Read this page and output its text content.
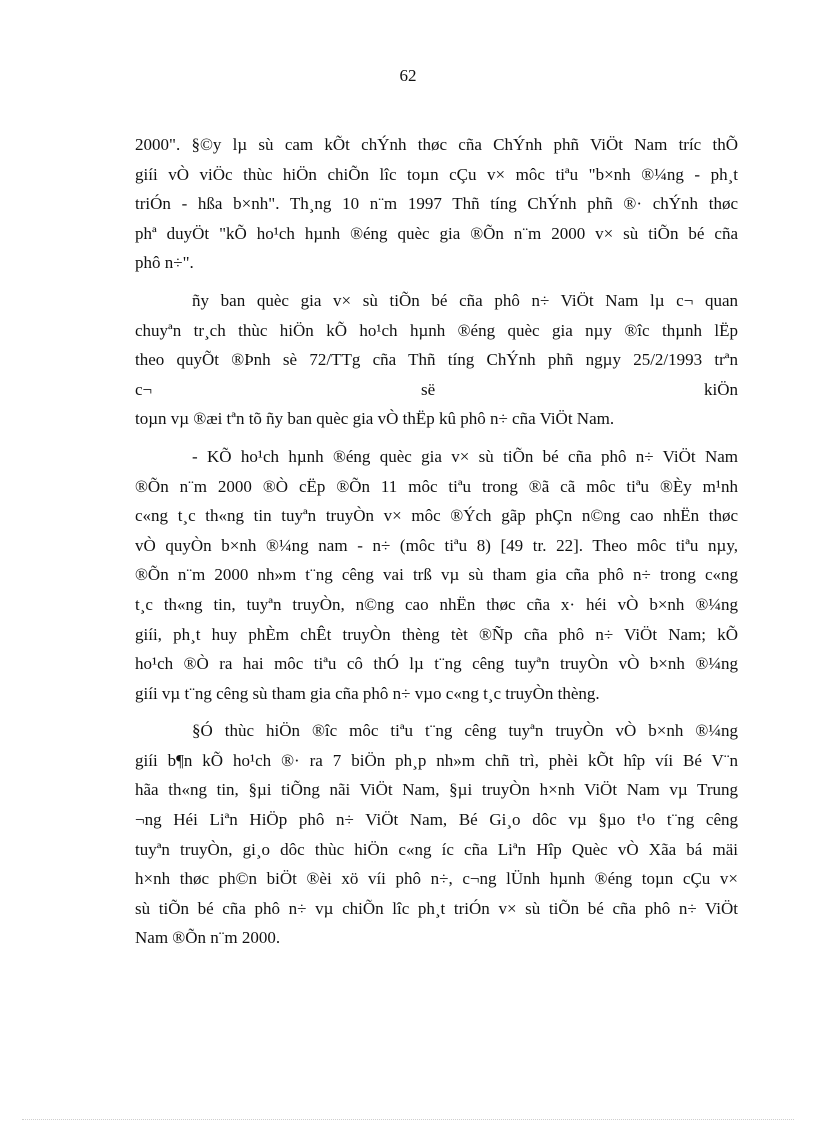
62
2000". §©y lµ sù cam kÕt chÝnh thøc cña ChÝnh phñ ViÖt Nam tríc thÕ
giíi vÒ viÖc thùc hiÖn chiÕn lîc toµn cÇu v× môc tiªu "b×nh ®¼ng - ph¸t
triÓn - hßa b×nh". Th¸ng 10 n¨m 1997 Thñ tíng ChÝnh phñ ®· chÝnh thøc
phª duyÖt "kÕ ho¹ch hµnh ®éng quèc gia ®Õn n¨m 2000 v× sù tiÕn bé cña
phô n÷".
ñy ban quèc gia v× sù tiÕn bé cña phô n÷ ViÖt Nam lµ c¬ quan
chuyªn tr¸ch thùc hiÖn kÕ ho¹ch hµnh ®éng quèc gia nµy ®îc thµnh lËp
theo quyÕt ®Þnh sè 72/TTg cña Thñ tíng ChÝnh phñ ngµy 25/2/1993 trªn
c¬ së kiÖn
toµn vµ ®æi tªn tõ ñy ban quèc gia vÒ thËp kû phô n÷ cña ViÖt Nam.
- KÕ ho¹ch hµnh ®éng quèc gia v× sù tiÕn bé cña phô n÷ ViÖt Nam
®Õn n¨m 2000 ®Ò cËp ®Õn 11 môc tiªu trong ®ã cã môc tiªu ®Èy m¹nh
c«ng t¸c th«ng tin tuyªn truyÒn v× môc ®Ých gãp phÇn n©ng cao nhËn thøc
vÒ quyÒn b×nh ®¼ng nam - n÷ (môc tiªu 8) [49 tr. 22]. Theo môc tiªu nµy,
®Õn n¨m 2000 nh»m t¨ng cêng vai trß vµ sù tham gia cña phô n÷ trong c«ng
t¸c th«ng tin, tuyªn truyÒn, n©ng cao nhËn thøc cña x· héi vÒ b×nh ®¼ng
giíi, ph¸t huy phÈm chÊt truyÒn thèng tèt ®Ñp cña phô n÷ ViÖt Nam; kÕ
ho¹ch ®Ò ra hai môc tiªu cô thÓ lµ t¨ng cêng tuyªn truyÒn vÒ b×nh ®¼ng
giíi vµ t¨ng cêng sù tham gia cña phô n÷ vµo c«ng t¸c truyÒn thèng.
§Ó thùc hiÖn ®îc môc tiªu t¨ng cêng tuyªn truyÒn vÒ b×nh ®¼ng
giíi b¶n kÕ ho¹ch ®· ra 7 biÖn ph¸p nh»m chñ trì, phèi kÕt hîp víi Bé V¨n
hãa th«ng tin, §µi tiÕng nãi ViÖt Nam, §µi truyÒn h×nh ViÖt Nam vµ Trung
¬ng Héi Liªn HiÖp phô n÷ ViÖt Nam, Bé Gi¸o dôc vµ §µo t¹o t¨ng cêng
tuyªn truyÒn, gi¸o dôc thùc hiÖn c«ng íc cña Liªn Hîp Quèc vÒ Xãa bá mäi
h×nh thøc ph©n biÖt ®èi xö víi phô n÷, c¬ng lÜnh hµnh ®éng toµn cÇu v×
sù tiÕn bé cña phô n÷ vµ chiÕn lîc ph¸t triÓn v× sù tiÕn bé cña phô n÷ ViÖt
Nam ®Õn n¨m 2000.
